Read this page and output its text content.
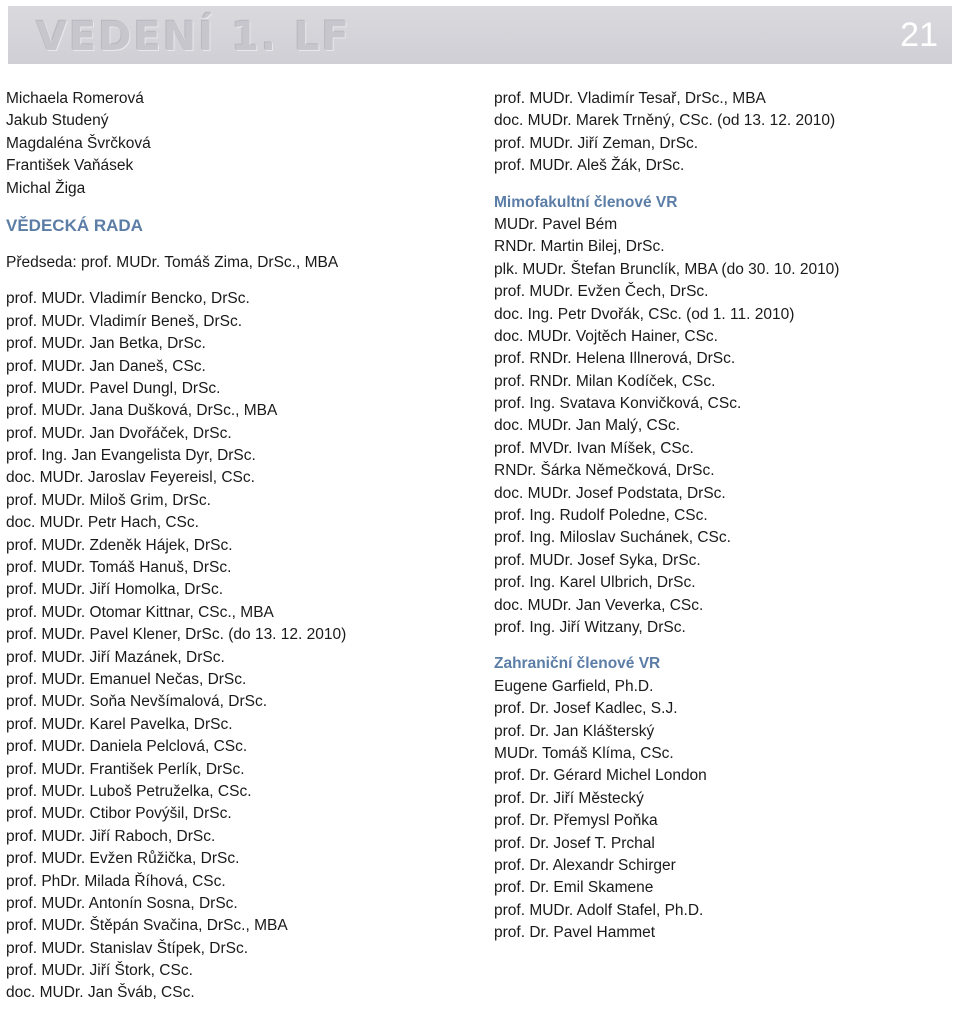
VEDENÍ 1. LF	21
Michaela Romerová
Jakub Studený
Magdaléna Švrčková
František Vaňásek
Michal Žiga
VĚDECKÁ RADA
Předseda: prof. MUDr. Tomáš Zima, DrSc., MBA
prof. MUDr. Vladimír Bencko, DrSc.
prof. MUDr. Vladimír Beneš, DrSc.
prof. MUDr. Jan Betka, DrSc.
prof. MUDr. Jan Daneš, CSc.
prof. MUDr. Pavel Dungl, DrSc.
prof. MUDr. Jana Dušková, DrSc., MBA
prof. MUDr. Jan Dvořáček, DrSc.
prof. Ing. Jan Evangelista Dyr, DrSc.
doc. MUDr. Jaroslav Feyereisl, CSc.
prof. MUDr. Miloš Grim, DrSc.
doc. MUDr. Petr Hach, CSc.
prof. MUDr. Zdeněk Hájek, DrSc.
prof. MUDr. Tomáš Hanuš, DrSc.
prof. MUDr. Jiří Homolka, DrSc.
prof. MUDr. Otomar Kittnar, CSc., MBA
prof. MUDr. Pavel Klener, DrSc. (do 13. 12. 2010)
prof. MUDr. Jiří Mazánek, DrSc.
prof. MUDr. Emanuel Nečas, DrSc.
prof. MUDr. Soňa Nevšímalová, DrSc.
prof. MUDr. Karel Pavelka, DrSc.
prof. MUDr. Daniela Pelclová, CSc.
prof. MUDr. František Perlík, DrSc.
prof. MUDr. Luboš Petruželka, CSc.
prof. MUDr. Ctibor Povýšil, DrSc.
prof. MUDr. Jiří Raboch, DrSc.
prof. MUDr. Evžen Růžička, DrSc.
prof. PhDr. Milada Říhová, CSc.
prof. MUDr. Antonín Sosna, DrSc.
prof. MUDr. Štěpán Svačina, DrSc., MBA
prof. MUDr. Stanislav Štípek, DrSc.
prof. MUDr. Jiří Štork, CSc.
doc. MUDr. Jan Šváb, CSc.
prof. MUDr. Vladimír Tesař, DrSc., MBA
doc. MUDr. Marek Trněný, CSc. (od 13. 12. 2010)
prof. MUDr. Jiří Zeman, DrSc.
prof. MUDr. Aleš Žák, DrSc.
Mimofakultní členové VR
MUDr. Pavel Bém
RNDr. Martin Bilej, DrSc.
plk. MUDr. Štefan Brunclík, MBA (do 30. 10. 2010)
prof. MUDr. Evžen Čech, DrSc.
doc. Ing. Petr Dvořák, CSc. (od 1. 11. 2010)
doc. MUDr. Vojtěch Hainer, CSc.
prof. RNDr. Helena Illnerová, DrSc.
prof. RNDr. Milan Kodíček, CSc.
prof. Ing. Svatava Konvičková, CSc.
doc. MUDr. Jan Malý, CSc.
prof. MVDr. Ivan Míšek, CSc.
RNDr. Šárka Němečková, DrSc.
doc. MUDr. Josef Podstata, DrSc.
prof. Ing. Rudolf Poledne, CSc.
prof. Ing. Miloslav Suchánek, CSc.
prof. MUDr. Josef Syka, DrSc.
prof. Ing. Karel Ulbrich, DrSc.
doc. MUDr. Jan Veverka, CSc.
prof. Ing. Jiří Witzany, DrSc.
Zahraniční členové VR
Eugene Garfield, Ph.D.
prof. Dr. Josef Kadlec, S.J.
prof. Dr. Jan Klášterský
MUDr. Tomáš Klíma, CSc.
prof. Dr. Gérard Michel London
prof. Dr. Jiří Městecký
prof. Dr. Přemysl Poňka
prof. Dr. Josef T. Prchal
prof. Dr. Alexandr Schirger
prof. Dr. Emil Skamene
prof. MUDr. Adolf Stafel, Ph.D.
prof. Dr. Pavel Hammet
